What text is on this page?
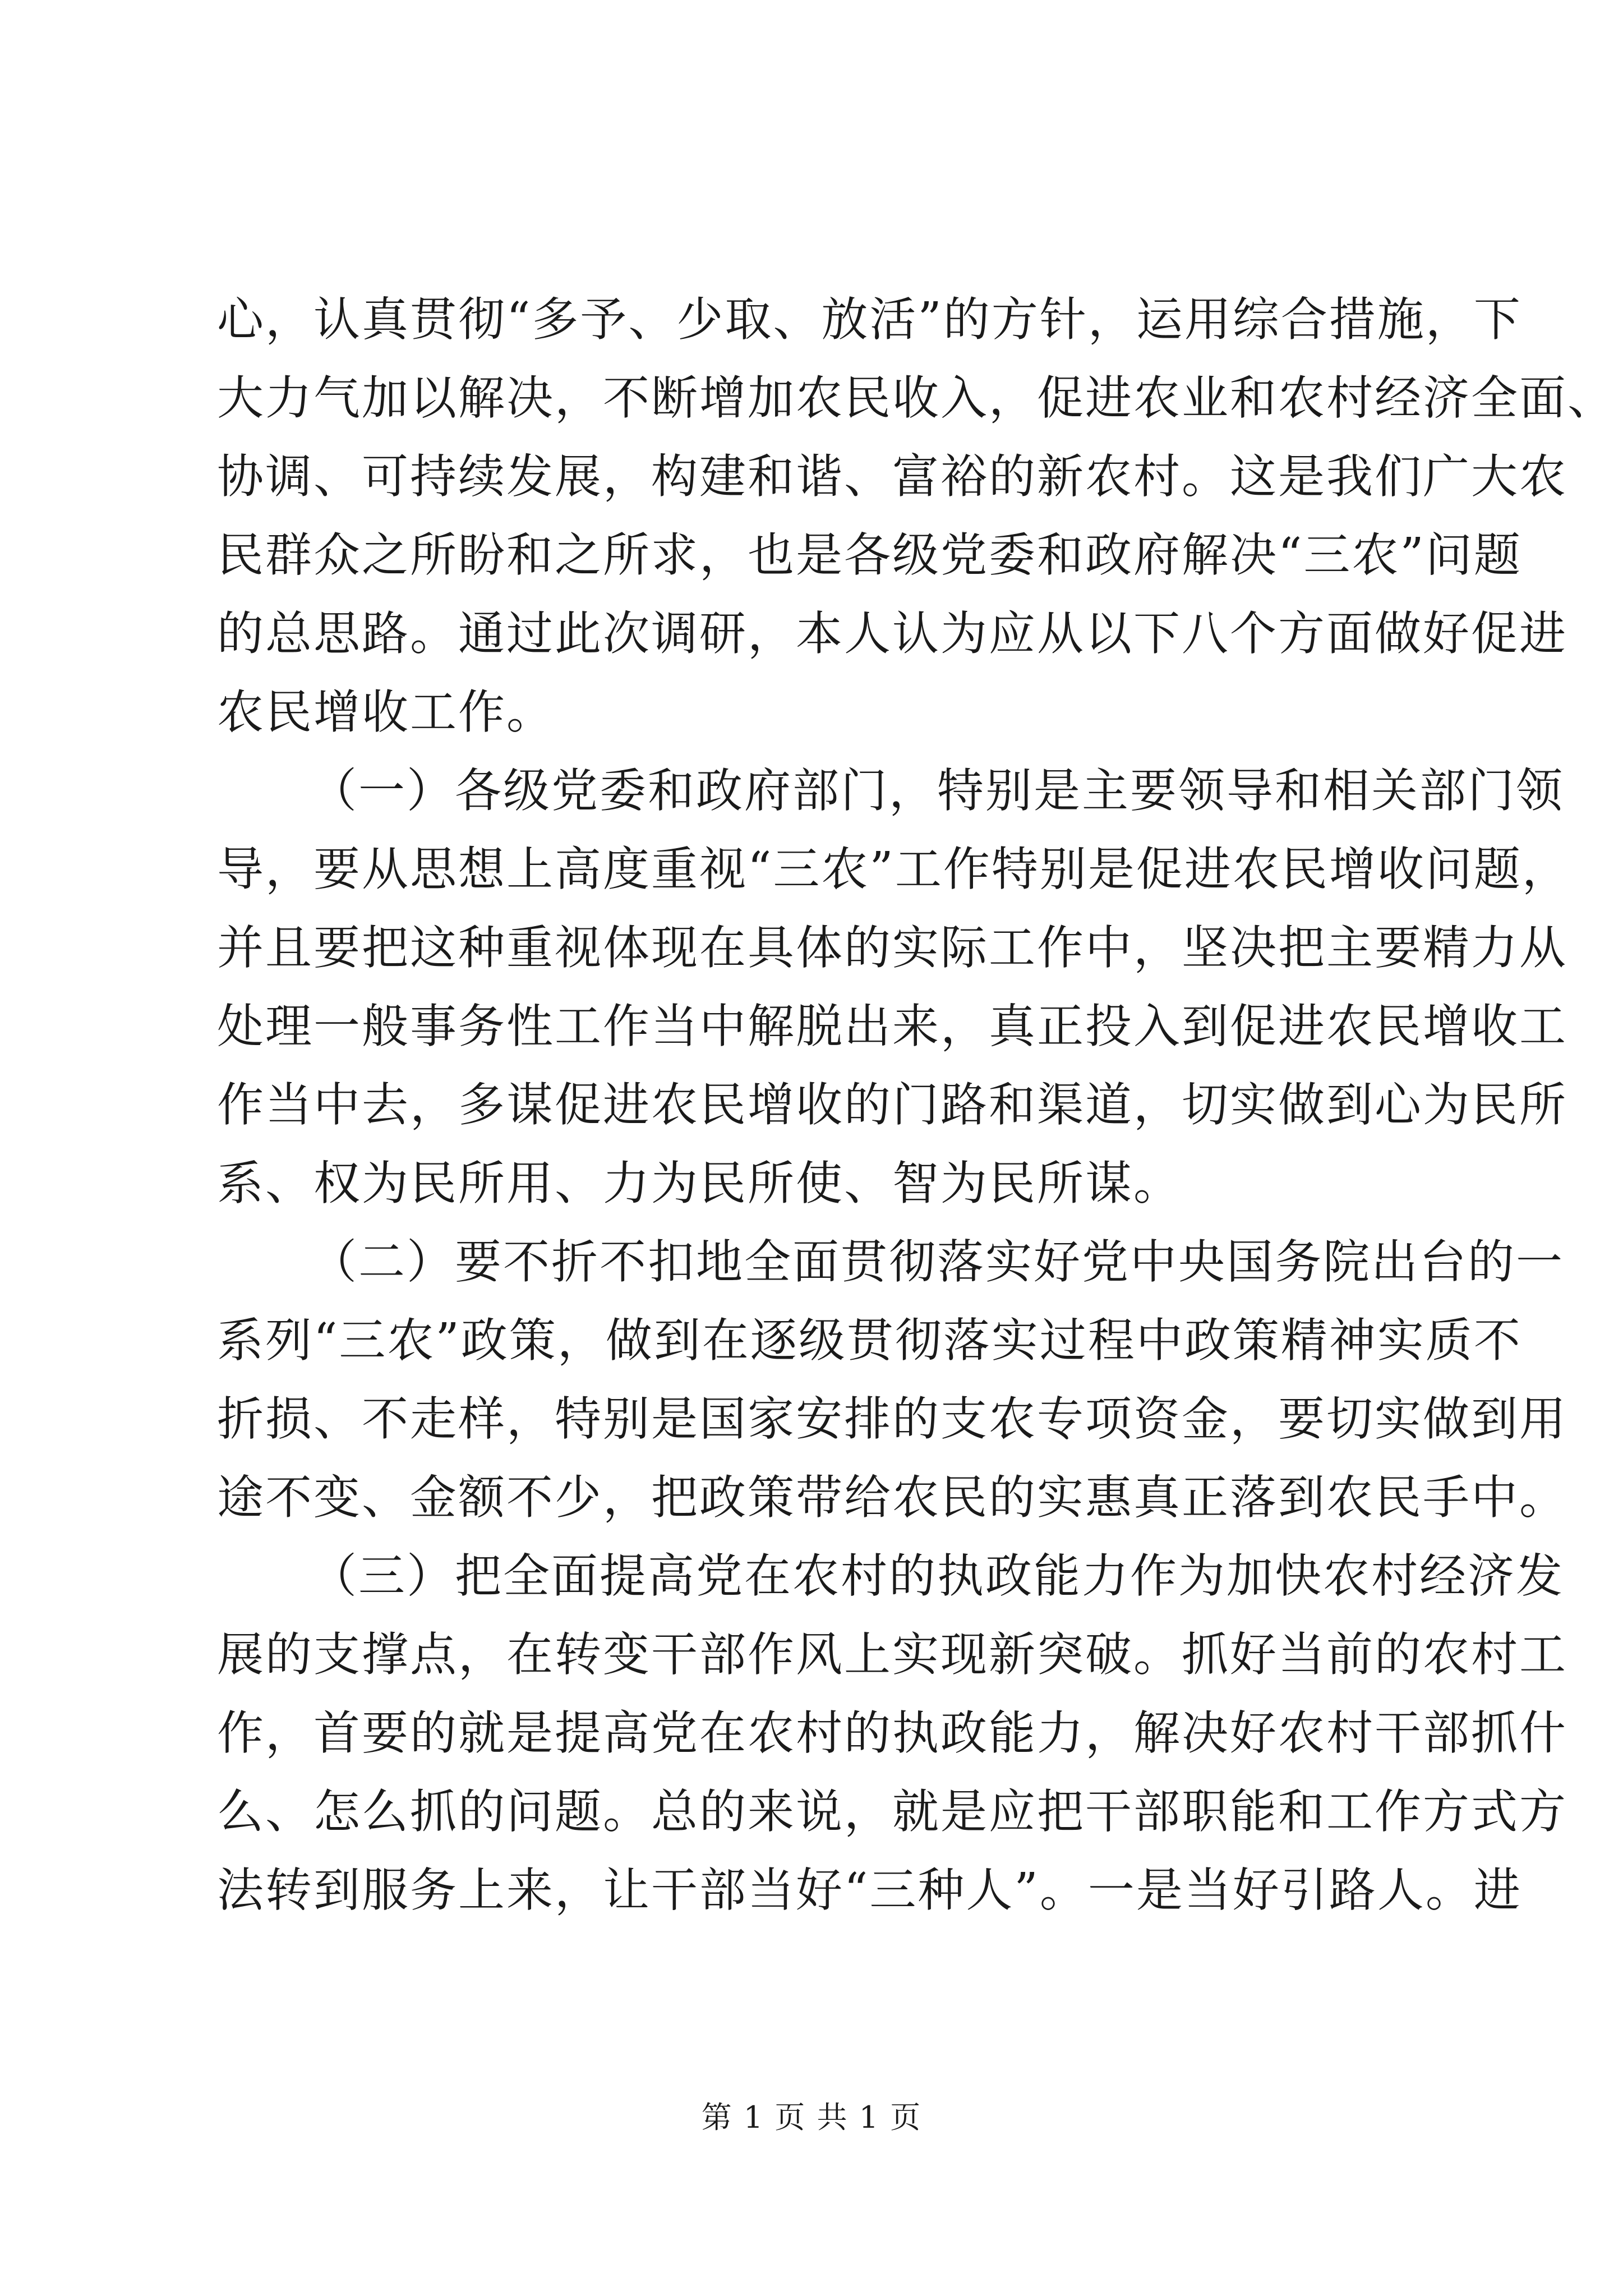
心，认真贯彻“多予、少取、放活”的方针，运用综合措施，下
大力气加以解决，不断增加农民收入，促进农业和农村经济全面、
协调、可持续发展，构建和谐、富裕的新农村。这是我们广大农
民群众之所盼和之所求，也是各级党委和政府解决“三农”问题
的总思路。通过此次调研，本人认为应从以下八个方面做好促进
农民增收工作。
（一）各级党委和政府部门，特别是主要领导和相关部门领
导，要从思想上高度重视“三农”工作特别是促进农民增收问题，
并且要把这种重视体现在具体的实际工作中，坚决把主要精力从
处理一般事务性工作当中解脱出来，真正投入到促进农民增收工
作当中去，多谋促进农民增收的门路和渠道，切实做到心为民所
系、权为民所用、力为民所使、智为民所谋。
（二）要不折不扣地全面贯彻落实好党中央国务院出台的一
系列“三农”政策，做到在逐级贯彻落实过程中政策精神实质不
折损、不走样，特别是国家安排的支农专项资金，要切实做到用
途不变、金额不少，把政策带给农民的实惠真正落到农民手中。
（三）把全面提高党在农村的执政能力作为加快农村经济发
展的支撑点，在转变干部作风上实现新突破。抓好当前的农村工
作，首要的就是提高党在农村的执政能力，解决好农村干部抓什
么、怎么抓的问题。总的来说，就是应把干部职能和工作方式方
法转到服务上来，让干部当好“三种人”。一是当好引路人。进
第 1 页 共 1 页
